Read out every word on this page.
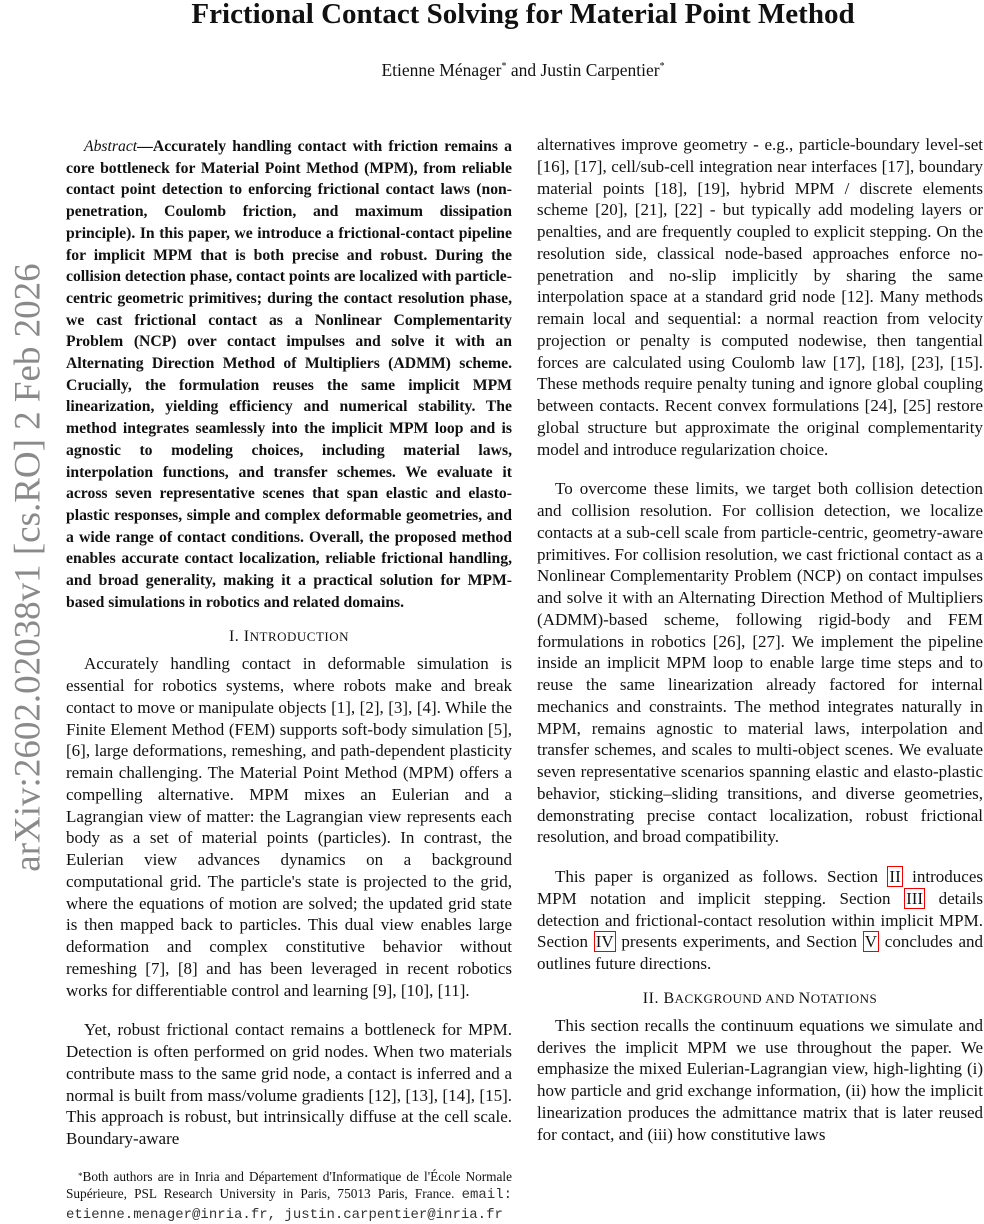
Frictional Contact Solving for Material Point Method
Etienne Ménager* and Justin Carpentier*
arXiv:2602.02038v1 [cs.RO] 2 Feb 2026

Abstract—Accurately handling contact with friction remains a core bottleneck for Material Point Method (MPM), from reliable contact point detection to enforcing frictional contact laws (non-penetration, Coulomb friction, and maximum dissipation principle). In this paper, we introduce a frictional-contact pipeline for implicit MPM that is both precise and robust. During the collision detection phase, contact points are localized with particle-centric geometric primitives; during the contact resolution phase, we cast frictional contact as a Nonlinear Complementarity Problem (NCP) over contact impulses and solve it with an Alternating Direction Method of Multipliers (ADMM) scheme. Crucially, the formulation reuses the same implicit MPM linearization, yielding efficiency and numerical stability. The method integrates seamlessly into the implicit MPM loop and is agnostic to modeling choices, including material laws, interpolation functions, and transfer schemes. We evaluate it across seven representative scenes that span elastic and elasto-plastic responses, simple and complex deformable geometries, and a wide range of contact conditions. Overall, the proposed method enables accurate contact localization, reliable frictional handling, and broad generality, making it a practical solution for MPM-based simulations in robotics and related domains.

I. INTRODUCTION

Accurately handling contact in deformable simulation is essential for robotics systems, where robots make and break contact to move or manipulate objects [1], [2], [3], [4]. While the Finite Element Method (FEM) supports soft-body simulation [5], [6], large deformations, remeshing, and path-dependent plasticity remain challenging. The Material Point Method (MPM) offers a compelling alternative. MPM mixes an Eulerian and a Lagrangian view of matter: the Lagrangian view represents each body as a set of material points (particles). In contrast, the Eulerian view advances dynamics on a background computational grid. The particle's state is projected to the grid, where the equations of motion are solved; the updated grid state is then mapped back to particles. This dual view enables large deformation and complex constitutive behavior without remeshing [7], [8] and has been leveraged in recent robotics works for differentiable control and learning [9], [10], [11].

Yet, robust frictional contact remains a bottleneck for MPM. Detection is often performed on grid nodes. When two materials contribute mass to the same grid node, a contact is inferred and a normal is built from mass/volume gradients [12], [13], [14], [15]. This approach is robust, but intrinsically diffuse at the cell scale. Boundary-aware

*Both authors are in Inria and Département d'Informatique de l'École Normale Supérieure, PSL Research University in Paris, 75013 Paris, France. email: etienne.menager@inria.fr, justin.carpentier@inria.fr

alternatives improve geometry - e.g., particle-boundary level-set [16], [17], cell/sub-cell integration near interfaces [17], boundary material points [18], [19], hybrid MPM / discrete elements scheme [20], [21], [22] - but typically add modeling layers or penalties, and are frequently coupled to explicit stepping. On the resolution side, classical node-based approaches enforce no-penetration and no-slip implicitly by sharing the same interpolation space at a standard grid node [12]. Many methods remain local and sequential: a normal reaction from velocity projection or penalty is computed nodewise, then tangential forces are calculated using Coulomb law [17], [18], [23], [15]. These methods require penalty tuning and ignore global coupling between contacts. Recent convex formulations [24], [25] restore global structure but approximate the original complementarity model and introduce regularization choice.

To overcome these limits, we target both collision detection and collision resolution. For collision detection, we localize contacts at a sub-cell scale from particle-centric, geometry-aware primitives. For collision resolution, we cast frictional contact as a Nonlinear Complementarity Problem (NCP) on contact impulses and solve it with an Alternating Direction Method of Multipliers (ADMM)-based scheme, following rigid-body and FEM formulations in robotics [26], [27]. We implement the pipeline inside an implicit MPM loop to enable large time steps and to reuse the same linearization already factored for internal mechanics and constraints. The method integrates naturally in MPM, remains agnostic to material laws, interpolation and transfer schemes, and scales to multi-object scenes. We evaluate seven representative scenarios spanning elastic and elasto-plastic behavior, sticking–sliding transitions, and diverse geometries, demonstrating precise contact localization, robust frictional resolution, and broad compatibility.

This paper is organized as follows. Section II introduces MPM notation and implicit stepping. Section III details detection and frictional-contact resolution within implicit MPM. Section IV presents experiments, and Section V concludes and outlines future directions.

II. BACKGROUND AND NOTATIONS

This section recalls the continuum equations we simulate and derives the implicit MPM we use throughout the paper. We emphasize the mixed Eulerian-Lagrangian view, high-lighting (i) how particle and grid exchange information, (ii) how the implicit linearization produces the admittance matrix that is later reused for contact, and (iii) how constitutive laws
